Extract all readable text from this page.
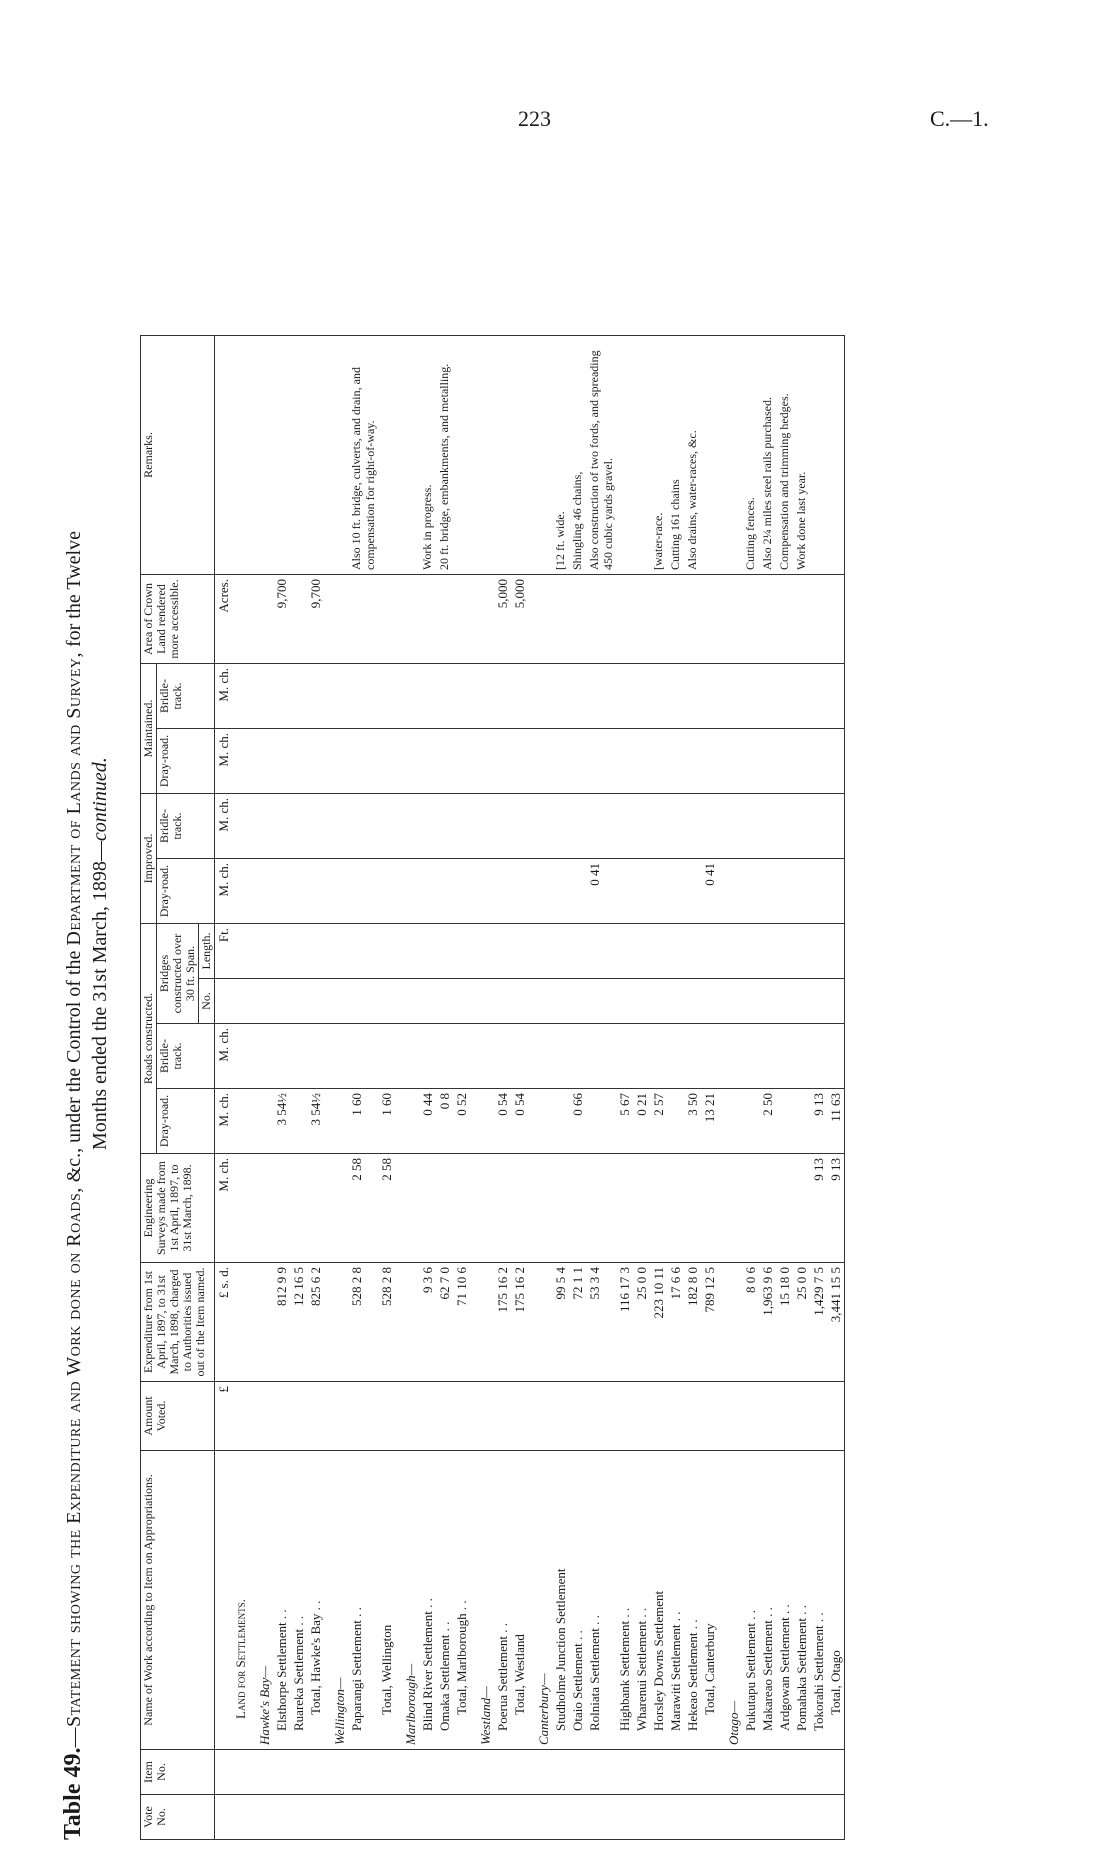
223	C.—1.
Table 49.—Statement showing the Expenditure and Work done on Roads, &c., under the Control of the Department of Lands and Survey, for the Twelve
Months ended the 31st March, 1898—continued.
Vote No.	Item No.	Name of Work according to Item on Appropriations.	Amount Voted.	Expenditure from 1st April, 1897, to 31st March, 1898, charged to Authorities issued out of the Item named.	Engineering Surveys made from 1st April, 1897, to 31st March, 1898.	Roads constructed.				Improved.		Maintained.		Area of Crown Land rendered more accessible.	Remarks.
						Dray-road.	Bridle-track.	Bridges constructed over 30 ft. Span.		Dray-road.	Bridle-track.	Dray-road.	Bridle-track.		
								No.	Length.						
			£	£ s. d.	M. ch.	M. ch.	M. ch.		Ft.	M. ch.	M. ch.	M. ch.	M. ch.	Acres.	
		Land for Settlements.													
		Hawke's Bay—													
		Elsthorpe Settlement . .		812 9 9		3 54½								9,700	
		Ruareka Settlement . .		12 16 5											
		Total, Hawke's Bay . .		825 6 2		3 54½								9,700	
		Wellington—													
		Paparangi Settlement . .		528 2 8	2 58	1 60									Also 10 ft. bridge, culverts, and drain, and compensation for right-of-way.
		Total, Wellington		528 2 8	2 58	1 60									
		Marlborough—													
		Blind River Settlement . .		9 3 6		0 44									Work in progress.
		Omaka Settlement . .		62 7 0		0 8									20 ft. bridge, embankments, and metalling.
		Total, Marlborough . .		71 10 6		0 52									
		Westland—													
		Poerua Settlement . .		175 16 2		0 54								5,000	
		Total, Westland		175 16 2		0 54								5,000	
		Canterbury—													
		Studholme Junction Settlement		99 5 4											[12 ft. wide.
		Otaio Settlement . .		72 1 1		0 66									Shingling 46 chains,
		Rolniata Settlement . .		53 3 4						0 41					Also construction of two fords, and spreading 450 cubic yards gravel.
		Highbank Settlement . .		116 17 3		5 67									
		Wharenui Settlement . .		25 0 0		0 21									
		Horsley Downs Settlement		223 10 11		2 57									[water-race.
		Marawiti Settlement . .		17 6 6											Cutting 161 chains
		Hekeao Settlement . .		182 8 0		3 50									Also drains, water-races, &c.
		Total, Canterbury		789 12 5		13 21				0 41					
		Otago—													
		Pukutapu Settlement . .		8 0 6											Cutting fences.
		Makareao Settlement . .		1,963 9 6		2 50									Also 2¼ miles steel rails purchased.
		Ardgowan Settlement . .		15 18 0											Compensation and trimming hedges.
		Pomahaka Settlement . .		25 0 0											Work done last year.
		Tokorahi Settlement . .		1,429 7 5	9 13	9 13									
		Total, Otago		3,441 15 5	9 13	11 63									
